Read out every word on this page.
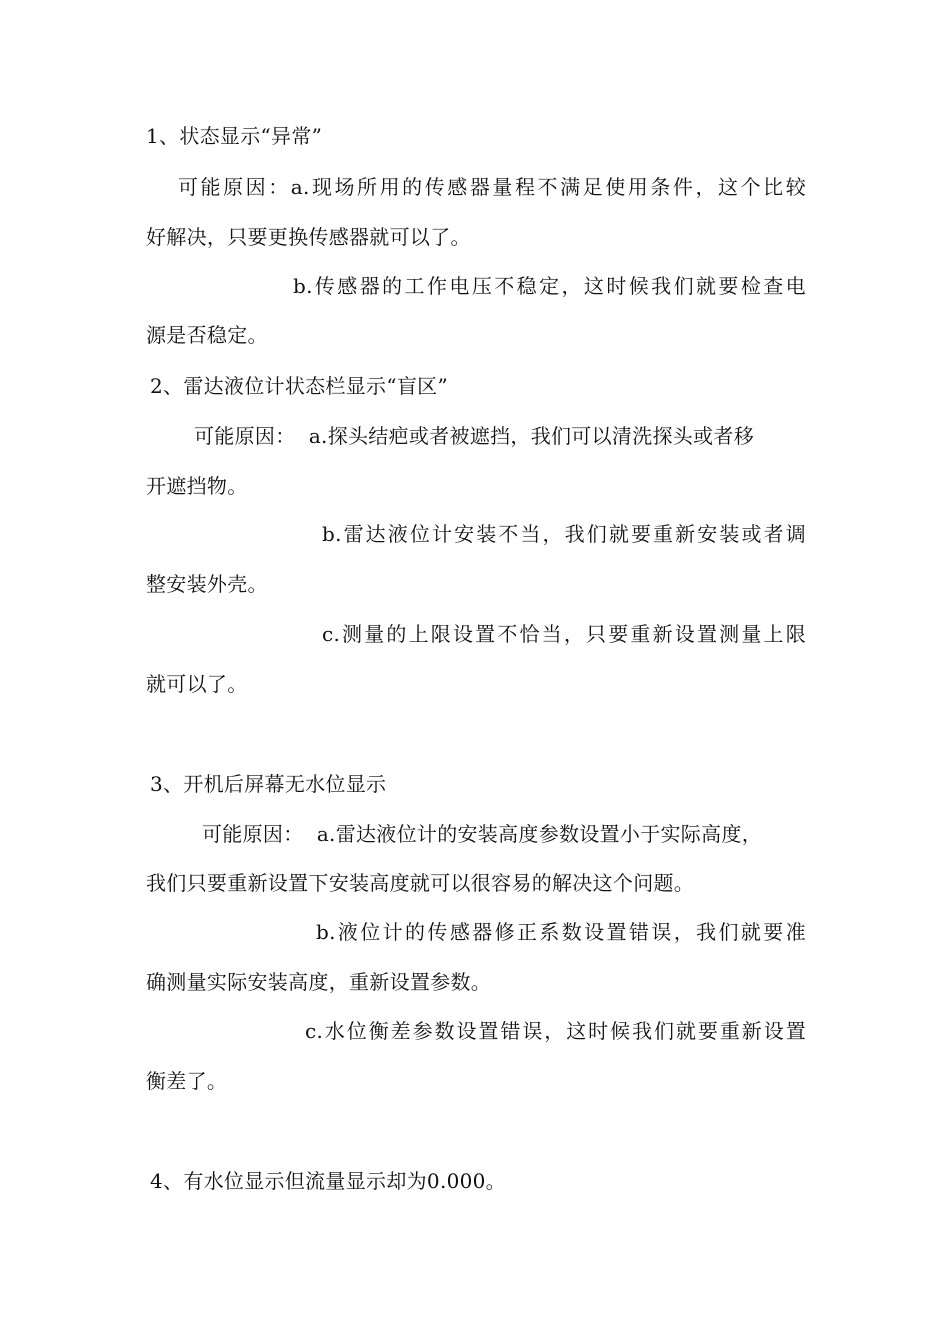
1、状态显示“异常”

可能原因：a.现场所用的传感器量程不满足使用条件，这个比较

好解决，只要更换传感器就可以了。

b.传感器的工作电压不稳定，这时候我们就要检查电

源是否稳定。

2、雷达液位计状态栏显示“盲区”

可能原因：  a.探头结疤或者被遮挡，我们可以清洗探头或者移

开遮挡物。

b.雷达液位计安装不当，我们就要重新安装或者调

整安装外壳。

c.测量的上限设置不恰当，只要重新设置测量上限

就可以了。

3、开机后屏幕无水位显示

可能原因：  a.雷达液位计的安装高度参数设置小于实际高度，

我们只要重新设置下安装高度就可以很容易的解决这个问题。

b.液位计的传感器修正系数设置错误，我们就要准

确测量实际安装高度，重新设置参数。

c.水位衡差参数设置错误，这时候我们就要重新设置

衡差了。

4、有水位显示但流量显示却为0.000。
